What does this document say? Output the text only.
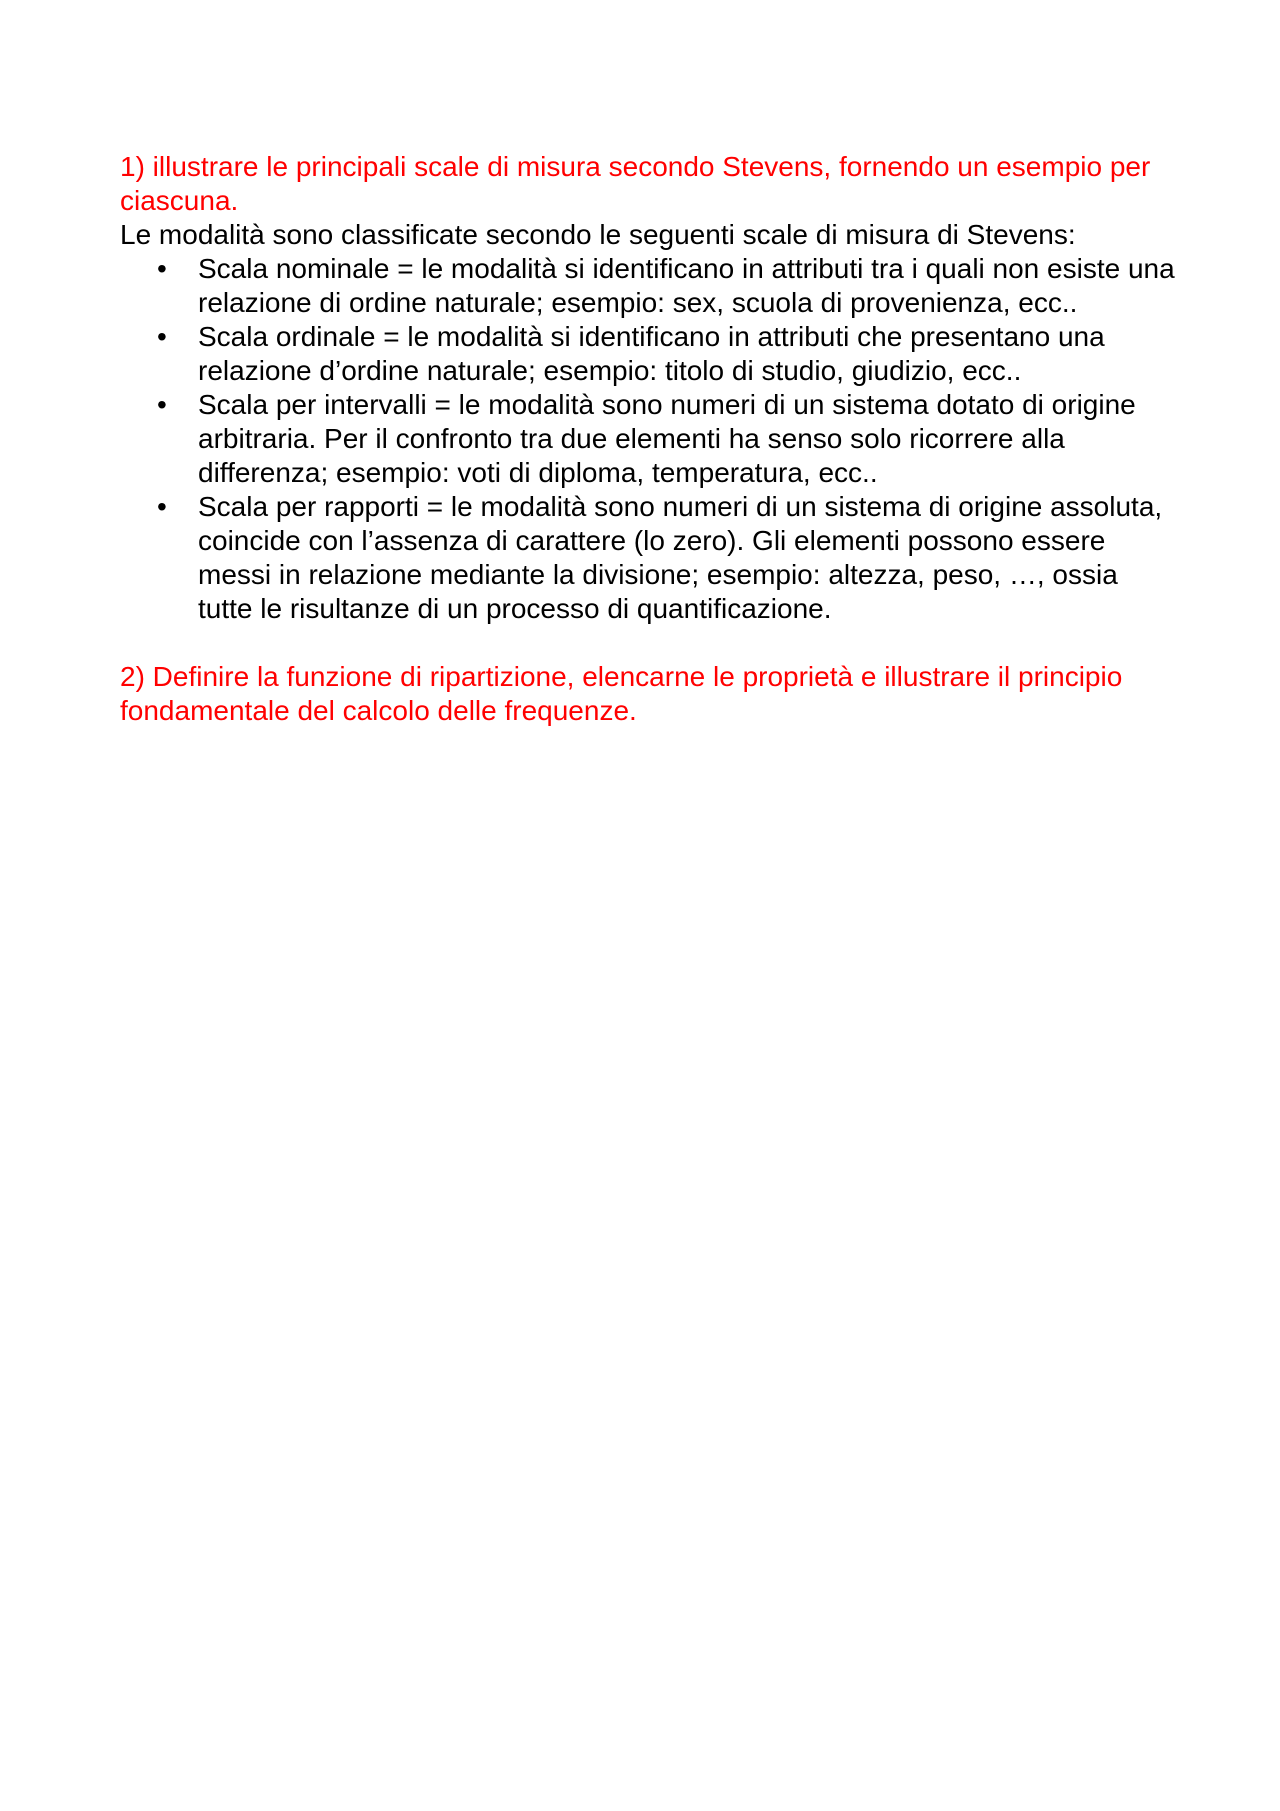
1) illustrare le principali scale di misura secondo Stevens, fornendo un esempio per ciascuna.

Le modalità sono classificate secondo le seguenti scale di misura di Stevens:

• Scala nominale = le modalità si identificano in attributi tra i quali non esiste una relazione di ordine naturale; esempio: sex, scuola di provenienza, ecc..
• Scala ordinale = le modalità si identificano in attributi che presentano una relazione d’ordine naturale; esempio: titolo di studio, giudizio, ecc..
• Scala per intervalli = le modalità sono numeri di un sistema dotato di origine arbitraria. Per il confronto tra due elementi ha senso solo ricorrere alla differenza; esempio: voti di diploma, temperatura, ecc..
• Scala per rapporti = le modalità sono numeri di un sistema di origine assoluta, coincide con l’assenza di carattere (lo zero). Gli elementi possono essere messi in relazione mediante la divisione; esempio: altezza, peso, …, ossia tutte le risultanze di un processo di quantificazione.

2) Definire la funzione di ripartizione, elencarne le proprietà e illustrare il principio fondamentale del calcolo delle frequenze.
